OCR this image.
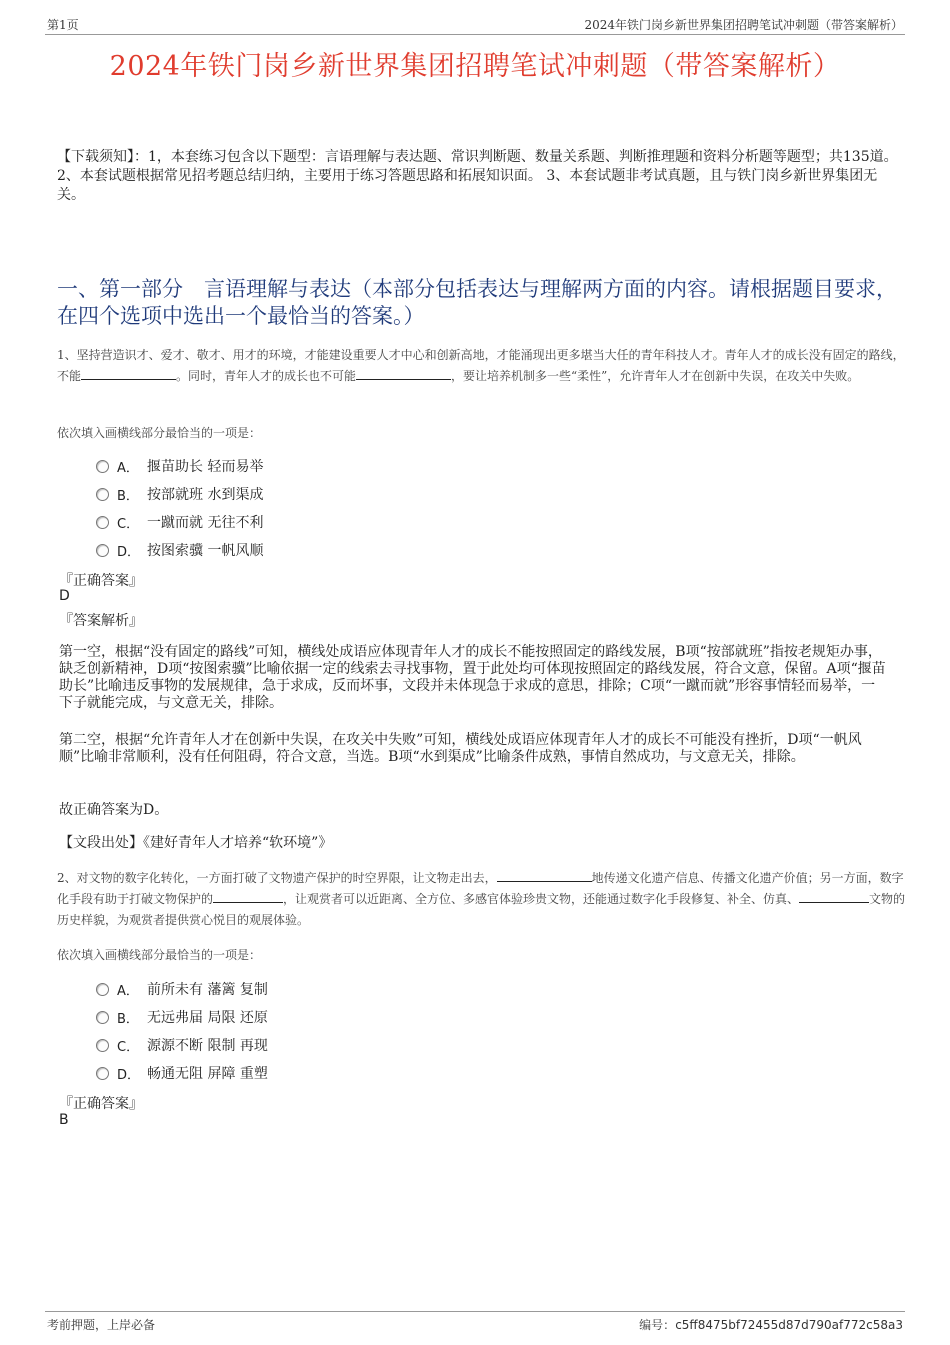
第1页	2024年铁门岗乡新世界集团招聘笔试冲刺题（带答案解析）
2024年铁门岗乡新世界集团招聘笔试冲刺题（带答案解析）
【下载须知】：1，本套练习包含以下题型：言语理解与表达题、常识判断题、数量关系题、判断推理题和资料分析题等题型；共135道。 2、本套试题根据常见招考题总结归纳，主要用于练习答题思路和拓展知识面。 3、本套试题非考试真题，且与铁门岗乡新世界集团无关。
一、第一部分　言语理解与表达（本部分包括表达与理解两方面的内容。请根据题目要求，在四个选项中选出一个最恰当的答案。）
1、坚持营造识才、爱才、敬才、用才的环境，才能建设重要人才中心和创新高地，才能涌现出更多堪当大任的青年科技人才。青年人才的成长没有固定的路线，不能	。同时，青年人才的成长也不可能	，要让培养机制多一些“柔性”，允许青年人才在创新中失误，在攻关中失败。
依次填入画横线部分最恰当的一项是：
A． 揠苗助长 轻而易举
B． 按部就班 水到渠成
C． 一蹴而就 无往不利
D． 按图索骥 一帆风顺
『正确答案』
D
『答案解析』
第一空，根据“没有固定的路线”可知，横线处成语应体现青年人才的成长不能按照固定的路线发展，B项“按部就班”指按老规矩办事，缺乏创新精神，D项“按图索骥”比喻依据一定的线索去寻找事物，置于此处均可体现按照固定的路线发展，符合文意，保留。A项“揠苗助长”比喻违反事物的发展规律，急于求成，反而坏事，文段并未体现急于求成的意思，排除；C项“一蹴而就”形容事情轻而易举，一下子就能完成，与文意无关，排除。
第二空，根据“允许青年人才在创新中失误，在攻关中失败”可知，横线处成语应体现青年人才的成长不可能没有挫折，D项“一帆风顺”比喻非常顺利，没有任何阻碍，符合文意，当选。B项“水到渠成”比喻条件成熟，事情自然成功，与文意无关，排除。
故正确答案为D。
【文段出处】《建好青年人才培养“软环境”》
2、对文物的数字化转化，一方面打破了文物遗产保护的时空界限，让文物走出去，	地传递文化遗产信息、传播文化遗产价值；另一方面，数字化手段有助于打破文物保护的	，让观赏者可以近距离、全方位、多感官体验珍贵文物，还能通过数字化手段修复、补全、仿真、	文物的历史样貌，为观赏者提供赏心悦目的观展体验。
依次填入画横线部分最恰当的一项是：
A． 前所未有 藩篱 复制
B． 无远弗届 局限 还原
C． 源源不断 限制 再现
D． 畅通无阻 屏障 重塑
『正确答案』
B
考前押题，上岸必备	编号：c5ff8475bf72455d87d790af772c58a3
